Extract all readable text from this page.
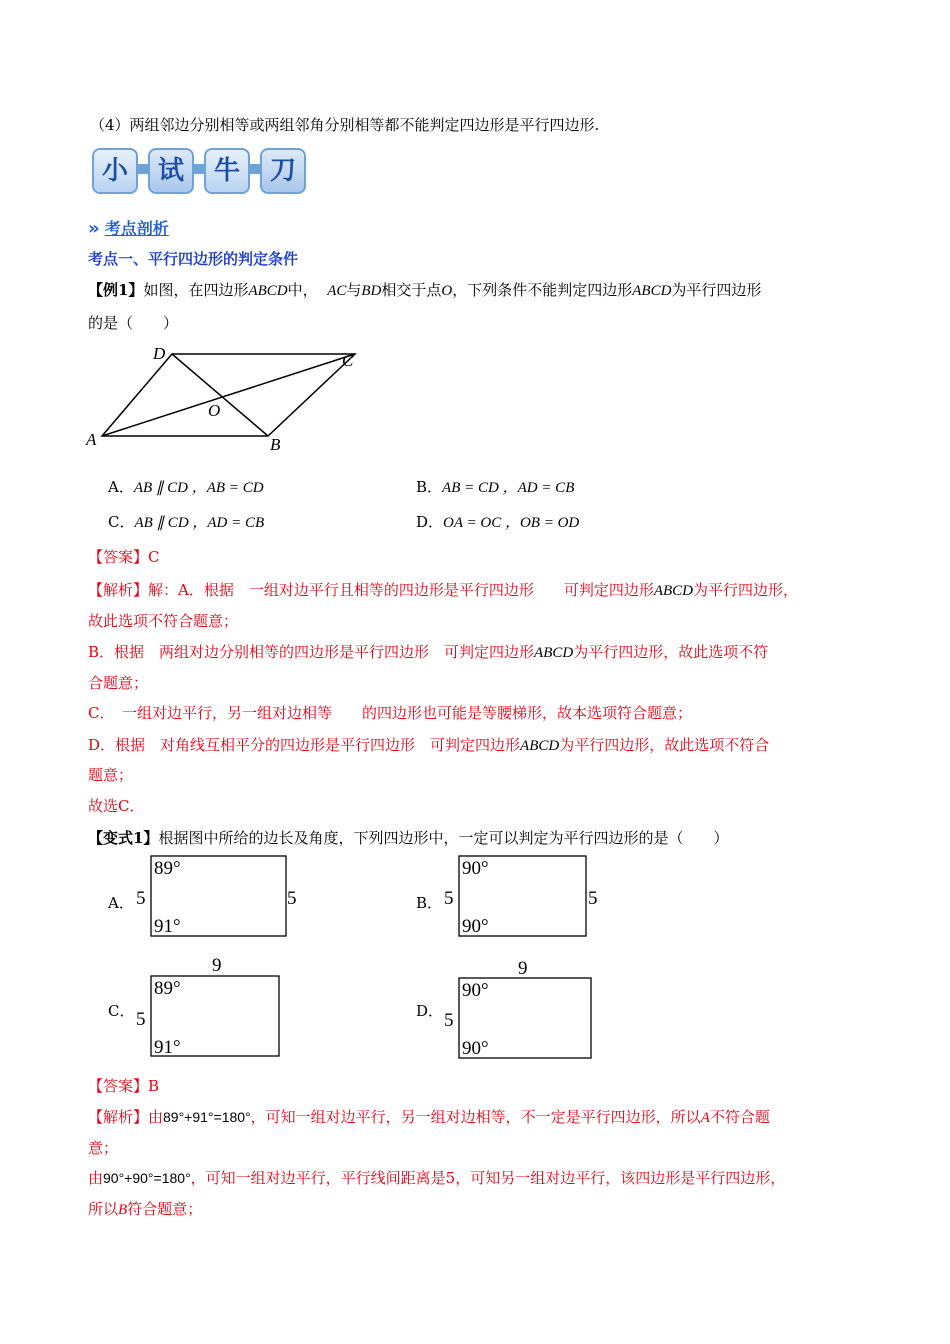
（4）两组邻边分别相等或两组邻角分别相等都不能判定四边形是平行四边形.
小	试	牛	刀
» 考点剖析
考点一、平行四边形的判定条件
【例1】如图，在四边形ABCD中， AC与BD相交于点O，下列条件不能判定四边形ABCD为平行四边形
的是（　　）
A	B
C
D
O
A．AB ∥ CD ，AB = CD	B．AB = CD ，AD = CB
C．AB ∥ CD ，AD = CB	D．OA = OC ，OB = OD
【答案】C
【解析】解：A．根据　一组对边平行且相等的四边形是平行四边形　　可判定四边形ABCD为平行四边形，
故此选项不符合题意；
B．根据　两组对边分别相等的四边形是平行四边形　可判定四边形ABCD为平行四边形，故此选项不符
合题意；
C．　一组对边平行，另一组对边相等　　的四边形也可能是等腰梯形，故本选项符合题意；
D．根据　对角线互相平分的四边形是平行四边形　可判定四边形ABCD为平行四边形，故此选项不符合
题意；
故选C．
【变式1】根据图中所给的边长及角度，下列四边形中，一定可以判定为平行四边形的是（　　）
A．
89°
91°
5	5	B．
90°
90°
5	5
C．
9
89°
91°
5	D．
9
90°
90°
5
【答案】B
【解析】由89°+91°=180°，可知一组对边平行，另一组对边相等，不一定是平行四边形，所以A不符合题
意；
由90°+90°=180°，可知一组对边平行，平行线间距离是5，可知另一组对边平行，该四边形是平行四边形，
所以B符合题意；
